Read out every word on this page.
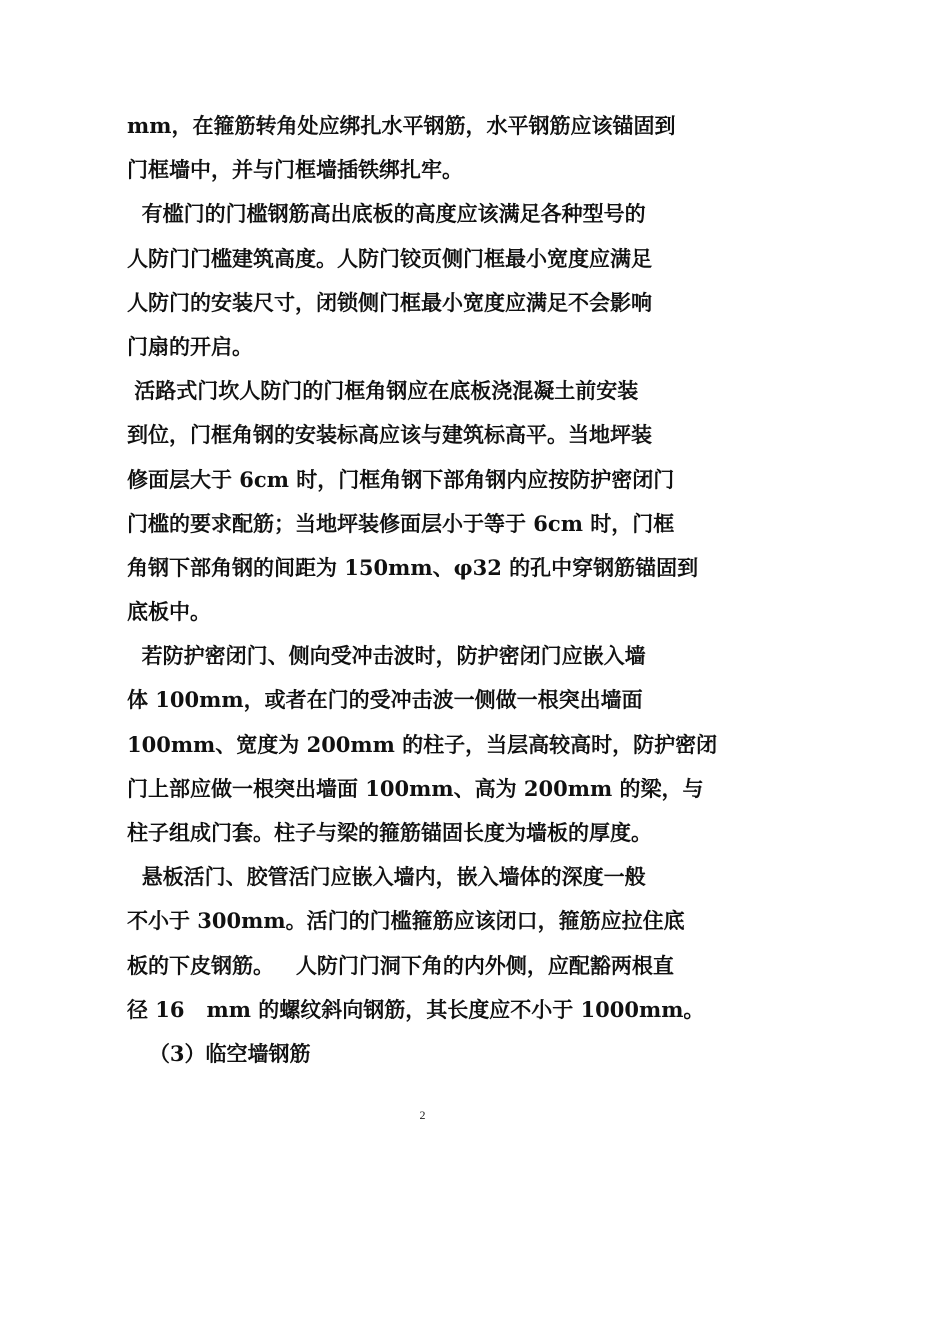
mm，在箍筋转角处应绑扎水平钢筋，水平钢筋应该锚固到
门框墙中，并与门框墙插铁绑扎牢。
有槛门的门槛钢筋高出底板的高度应该满足各种型号的
人防门门槛建筑高度。人防门铰页侧门框最小宽度应满足
人防门的安装尺寸，闭锁侧门框最小宽度应满足不会影响
门扇的开启。
活路式门坎人防门的门框角钢应在底板浇混凝土前安装
到位，门框角钢的安装标高应该与建筑标高平。当地坪装
修面层大于 6cm 时，门框角钢下部角钢内应按防护密闭门
门槛的要求配筋；当地坪装修面层小于等于 6cm 时，门框
角钢下部角钢的间距为 150mm、φ32 的孔中穿钢筋锚固到
底板中。
若防护密闭门、侧向受冲击波时，防护密闭门应嵌入墙
体 100mm，或者在门的受冲击波一侧做一根突出墙面
100mm、宽度为 200mm 的柱子，当层高较高时，防护密闭
门上部应做一根突出墙面 100mm、高为 200mm 的梁，与
柱子组成门套。柱子与梁的箍筋锚固长度为墙板的厚度。
悬板活门、胶管活门应嵌入墙内，嵌入墙体的深度一般
不小于 300mm。活门的门槛箍筋应该闭口，箍筋应拉住底
板的下皮钢筋。   人防门门洞下角的内外侧，应配豁两根直
径 16   mm 的螺纹斜向钢筋，其长度应不小于 1000mm。
（3）临空墙钢筋
2
